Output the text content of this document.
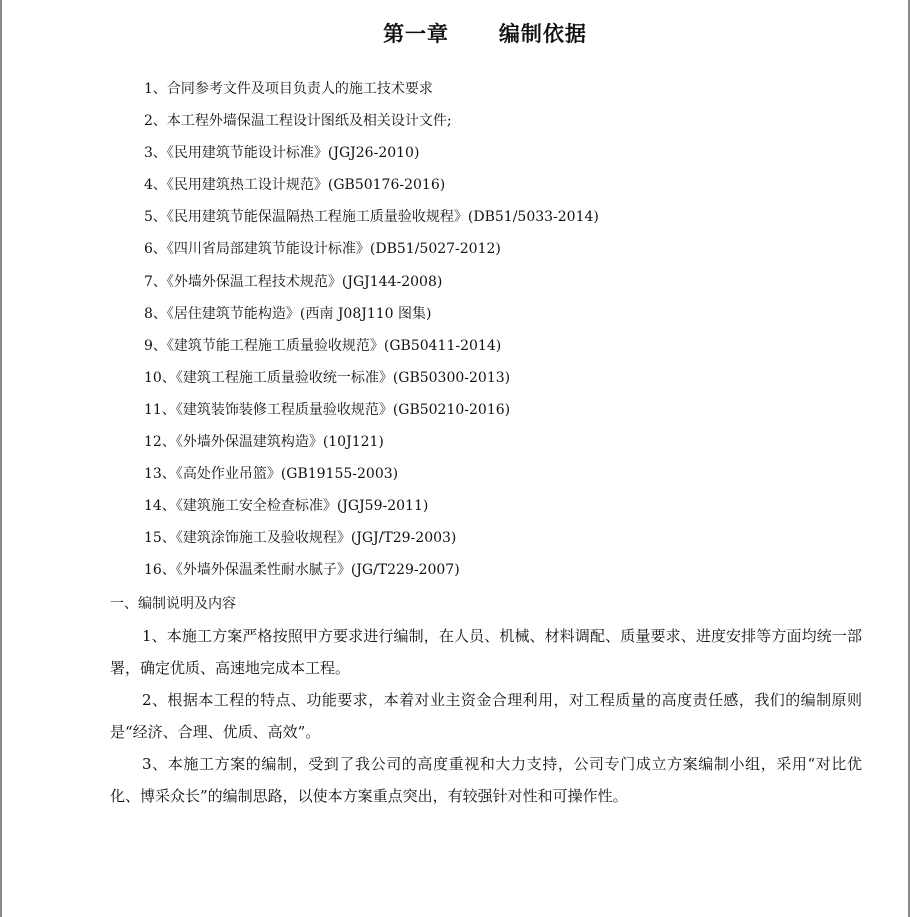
第一章      编制依据
1、合同参考文件及项目负责人的施工技术要求
2、本工程外墙保温工程设计图纸及相关设计文件;
3、《民用建筑节能设计标准》(JGJ26-2010)
4、《民用建筑热工设计规范》(GB50176-2016)
5、《民用建筑节能保温隔热工程施工质量验收规程》(DB51/5033-2014)
6、《四川省局部建筑节能设计标准》(DB51/5027-2012)
7、《外墙外保温工程技术规范》(JGJ144-2008)
8、《居住建筑节能构造》(西南 J08J110 图集)
9、《建筑节能工程施工质量验收规范》(GB50411-2014)
10、《建筑工程施工质量验收统一标准》(GB50300-2013)
11、《建筑装饰装修工程质量验收规范》(GB50210-2016)
12、《外墙外保温建筑构造》(10J121)
13、《高处作业吊篮》(GB19155-2003)
14、《建筑施工安全检查标准》(JGJ59-2011)
15、《建筑涂饰施工及验收规程》(JGJ/T29-2003)
16、《外墙外保温柔性耐水腻子》(JG/T229-2007)
一、编制说明及内容

1、本施工方案严格按照甲方要求进行编制，在人员、机械、材料调配、质量要求、进度安排等方面均统一部署，确定优质、高速地完成本工程。

2、根据本工程的特点、功能要求，本着对业主资金合理利用，对工程质量的高度责任感，我们的编制原则是“经济、合理、优质、高效”。

3、本施工方案的编制，受到了我公司的高度重视和大力支持，公司专门成立方案编制小组，采用“对比优化、博采众长”的编制思路，以使本方案重点突出，有较强针对性和可操作性。
